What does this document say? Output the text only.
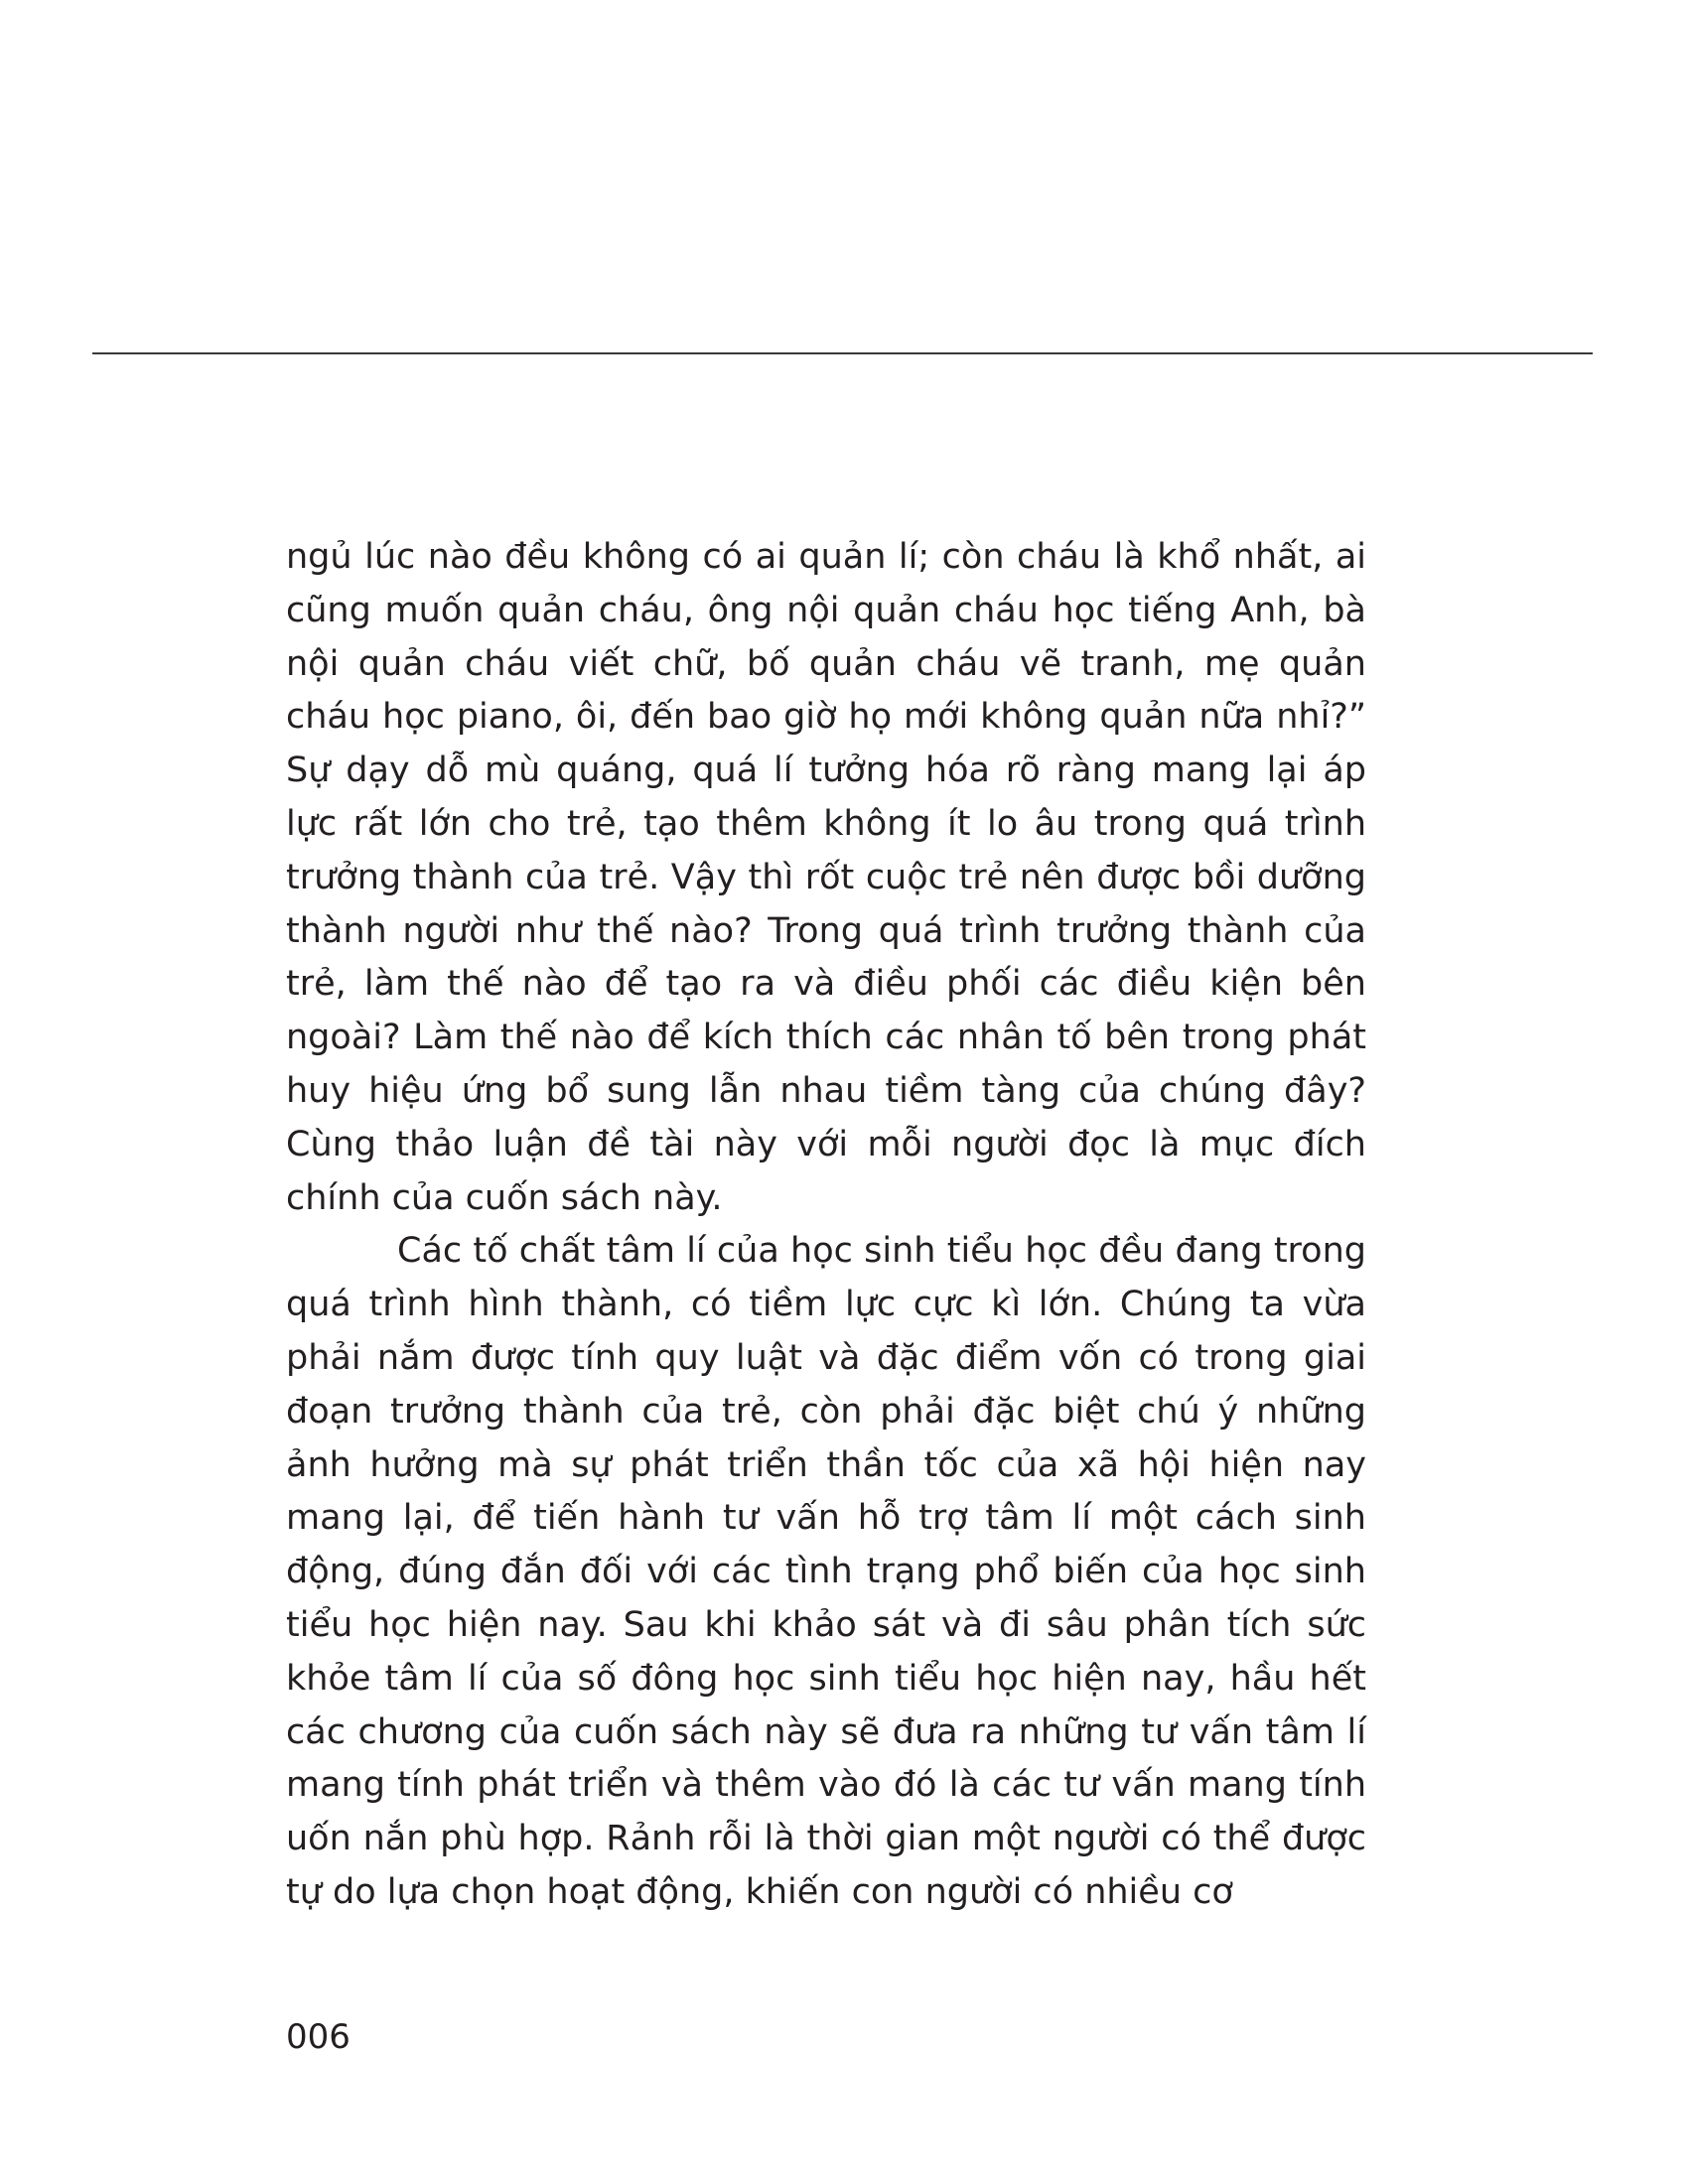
ngủ lúc nào đều không có ai quản lí; còn cháu là khổ nhất, ai cũng muốn quản cháu, ông nội quản cháu học tiếng Anh, bà nội quản cháu viết chữ, bố quản cháu vẽ tranh, mẹ quản cháu học piano, ôi, đến bao giờ họ mới không quản nữa nhỉ?” Sự dạy dỗ mù quáng, quá lí tưởng hóa rõ ràng mang lại áp lực rất lớn cho trẻ, tạo thêm không ít lo âu trong quá trình trưởng thành của trẻ. Vậy thì rốt cuộc trẻ nên được bồi dưỡng thành người như thế nào? Trong quá trình trưởng thành của trẻ, làm thế nào để tạo ra và điều phối các điều kiện bên ngoài? Làm thế nào để kích thích các nhân tố bên trong phát huy hiệu ứng bổ sung lẫn nhau tiềm tàng của chúng đây? Cùng thảo luận đề tài này với mỗi người đọc là mục đích chính của cuốn sách này.

Các tố chất tâm lí của học sinh tiểu học đều đang trong quá trình hình thành, có tiềm lực cực kì lớn. Chúng ta vừa phải nắm được tính quy luật và đặc điểm vốn có trong giai đoạn trưởng thành của trẻ, còn phải đặc biệt chú ý những ảnh hưởng mà sự phát triển thần tốc của xã hội hiện nay mang lại, để tiến hành tư vấn hỗ trợ tâm lí một cách sinh động, đúng đắn đối với các tình trạng phổ biến của học sinh tiểu học hiện nay. Sau khi khảo sát và đi sâu phân tích sức khỏe tâm lí của số đông học sinh tiểu học hiện nay, hầu hết các chương của cuốn sách này sẽ đưa ra những tư vấn tâm lí mang tính phát triển và thêm vào đó là các tư vấn mang tính uốn nắn phù hợp. Rảnh rỗi là thời gian một người có thể được tự do lựa chọn hoạt động, khiến con người có nhiều cơ

006
